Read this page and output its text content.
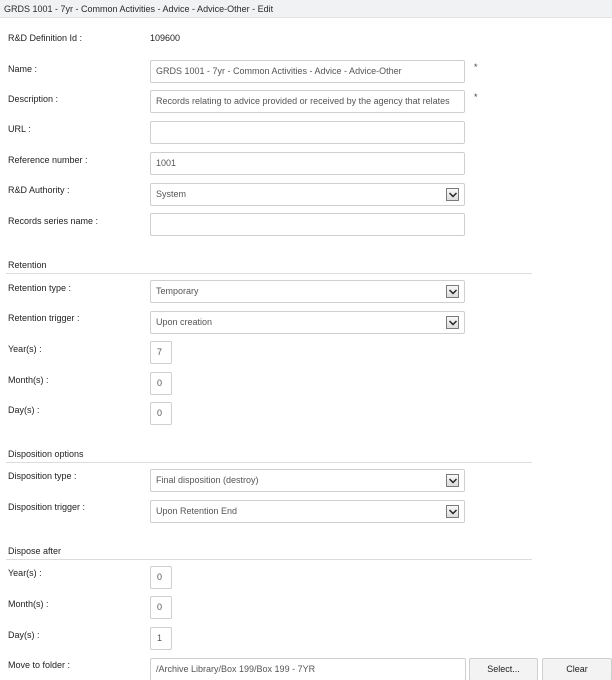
GRDS 1001 - 7yr - Common Activities - Advice - Advice-Other - Edit
R&D Definition Id :	109600
Name :	GRDS 1001 - 7yr - Common Activities - Advice - Advice-Other	*
Description :	Records relating to advice provided or received by the agency that relates	*
URL :
Reference number :	1001
R&D Authority :	System
Records series name :
Retention
Retention type :	Temporary
Retention trigger :	Upon creation
Year(s) :	7
Month(s) :	0
Day(s) :	0
Disposition options
Disposition type :	Final disposition (destroy)
Disposition trigger :	Upon Retention End
Dispose after
Year(s) :	0
Month(s) :	0
Day(s) :	1
Move to folder :	/Archive Library/Box 199/Box 199 - 7YR	Select...	Clear
